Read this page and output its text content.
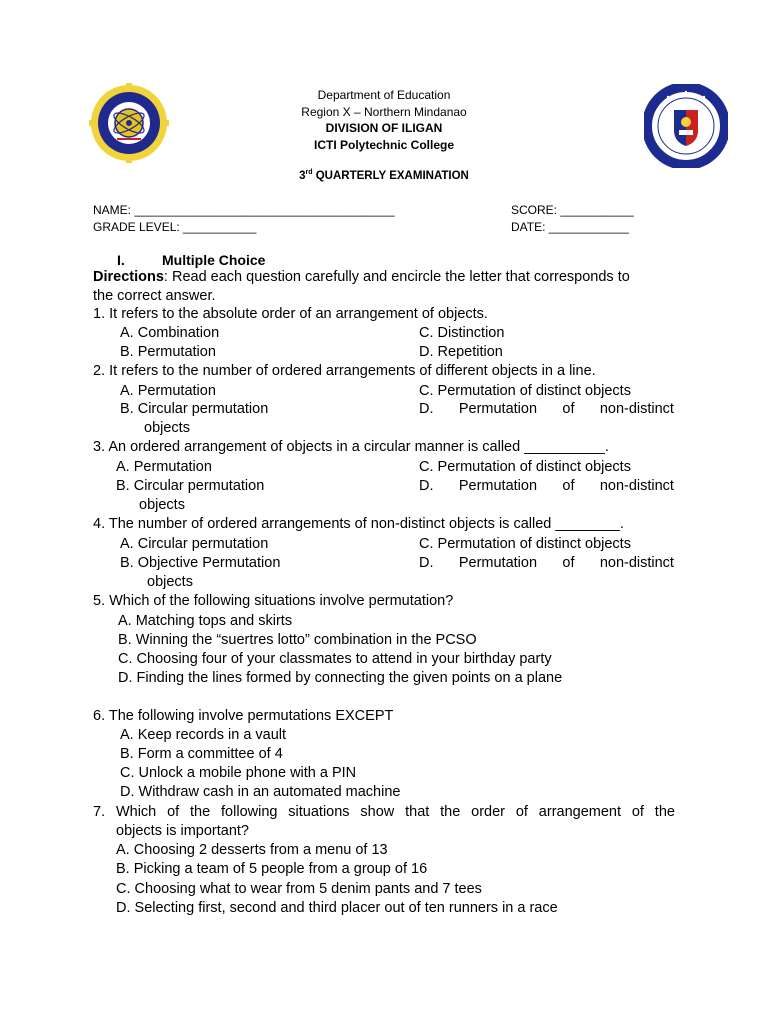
Department of Education
Region X – Northern Mindanao
DIVISION OF ILIGAN
ICTI Polytechnic College
3rd QUARTERLY EXAMINATION
NAME: _______________________________________	SCORE: ___________
GRADE LEVEL: ___________	DATE: ____________
I.	Multiple Choice
Directions: Read each question carefully and encircle the letter that corresponds to
the correct answer.
1. It refers to the absolute order of an arrangement of objects.
A. Combination	C. Distinction
B. Permutation	D. Repetition
2. It refers to the number of ordered arrangements of different objects in a line.
A. Permutation	C. Permutation of distinct objects
B. Circular permutation	D. Permutation of non-distinct
objects
3. An ordered arrangement of objects in a circular manner is called __________.
A. Permutation	C. Permutation of distinct objects
B. Circular permutation	D. Permutation of non-distinct
objects
4. The number of ordered arrangements of non-distinct objects is called ________.
A. Circular permutation	C. Permutation of distinct objects
B. Objective Permutation	D. Permutation of non-distinct
objects
5. Which of the following situations involve permutation?
A. Matching tops and skirts
B. Winning the “suertres lotto” combination in the PCSO
C. Choosing four of your classmates to attend in your birthday party
D. Finding the lines formed by connecting the given points on a plane
6. The following involve permutations EXCEPT
A. Keep records in a vault
B. Form a committee of 4
C. Unlock a mobile phone with a PIN
D. Withdraw cash in an automated machine
7. Which of the following situations show that the order of arrangement of the
objects is important?
A. Choosing 2 desserts from a menu of 13
B. Picking a team of 5 people from a group of 16
C. Choosing what to wear from 5 denim pants and 7 tees
D. Selecting first, second and third placer out of ten runners in a race
